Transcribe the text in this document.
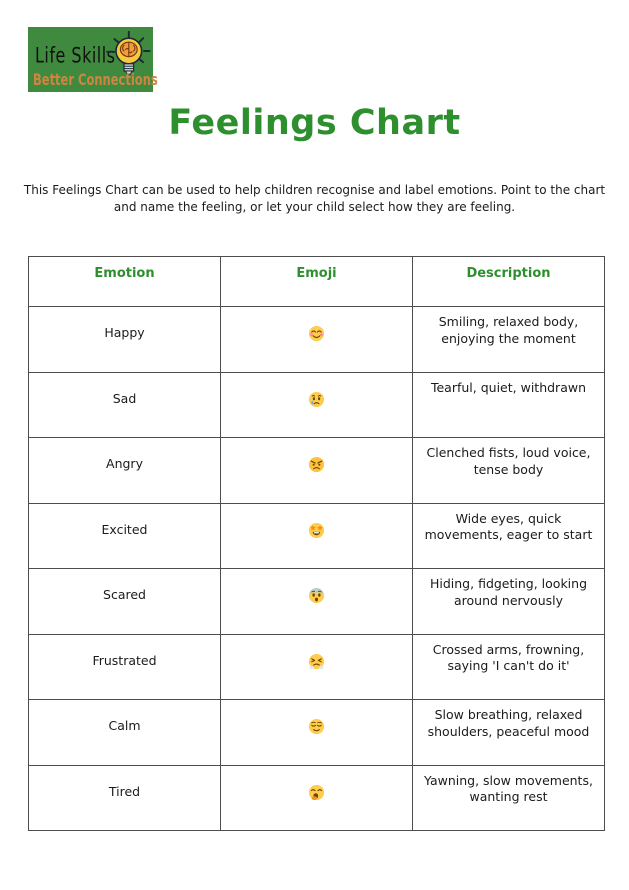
Life Skills
Better Connections
Feelings Chart

This Feelings Chart can be used to help children recognise and label emotions. Point to the chart and name the feeling, or let your child select how they are feeling.

Emotion	Emoji	Description
Happy		Smiling, relaxed body, enjoying the moment
Sad		Tearful, quiet, withdrawn
Angry		Clenched fists, loud voice, tense body
Excited		Wide eyes, quick movements, eager to start
Scared		Hiding, fidgeting, looking around nervously
Frustrated		Crossed arms, frowning, saying 'I can't do it'
Calm		Slow breathing, relaxed shoulders, peaceful mood
Tired		Yawning, slow movements, wanting rest
